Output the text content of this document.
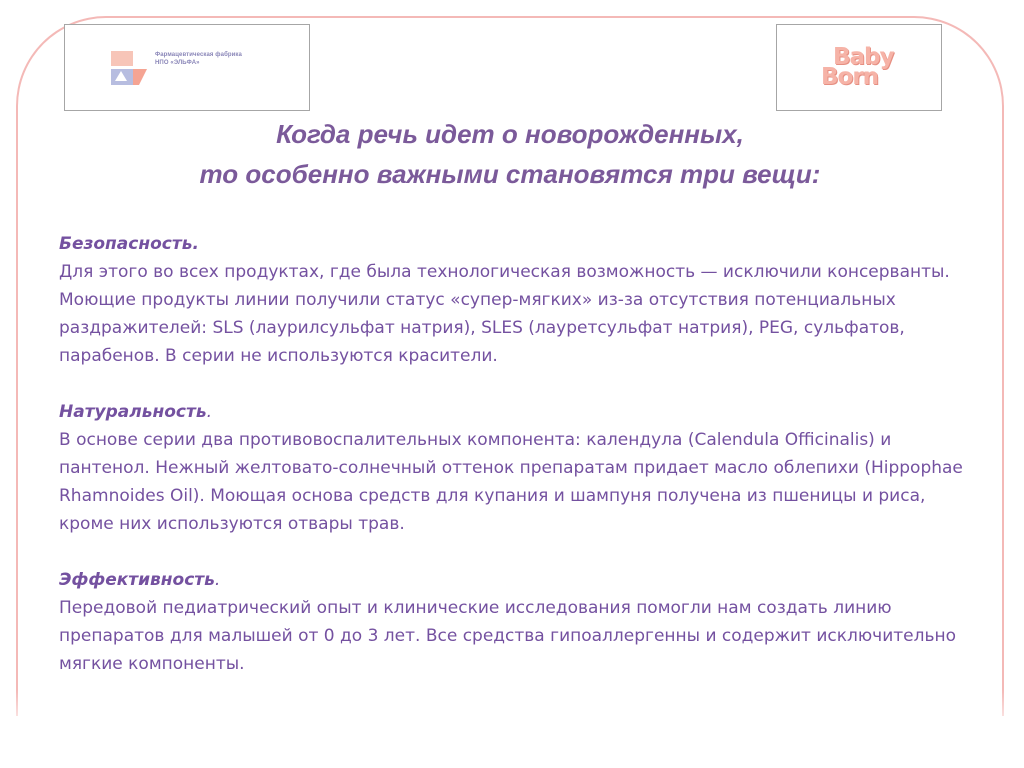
Фармацевтическая фабрика
НПО «ЭЛЬФА»	Baby
Born
Когда речь идет о новорожденных,
то особенно важными становятся три вещи:
Безопасность.

Для этого во всех продуктах, где была технологическая возможность — исключили консерванты. Моющие продукты линии получили статус «супер-мягких» из-за отсутствия потенциальных раздражителей: SLS (лаурилсульфат натрия), SLES (лауретсульфат натрия), PEG, сульфатов, парабенов. В серии не используются красители.

Натуральность.

В основе серии два противовоспалительных компонента: календула (Calendula Officinalis) и пантенол. Нежный желтовато-солнечный оттенок препаратам придает масло облепихи (Hippophae Rhamnoides Oil). Моющая основа средств для купания и шампуня получена из пшеницы и риса, кроме них используются отвары трав.

Эффективность.

Передовой педиатрический опыт и клинические исследования помогли нам создать линию препаратов для малышей от 0 до 3 лет. Все средства гипоаллергенны и содержит исключительно мягкие компоненты.
